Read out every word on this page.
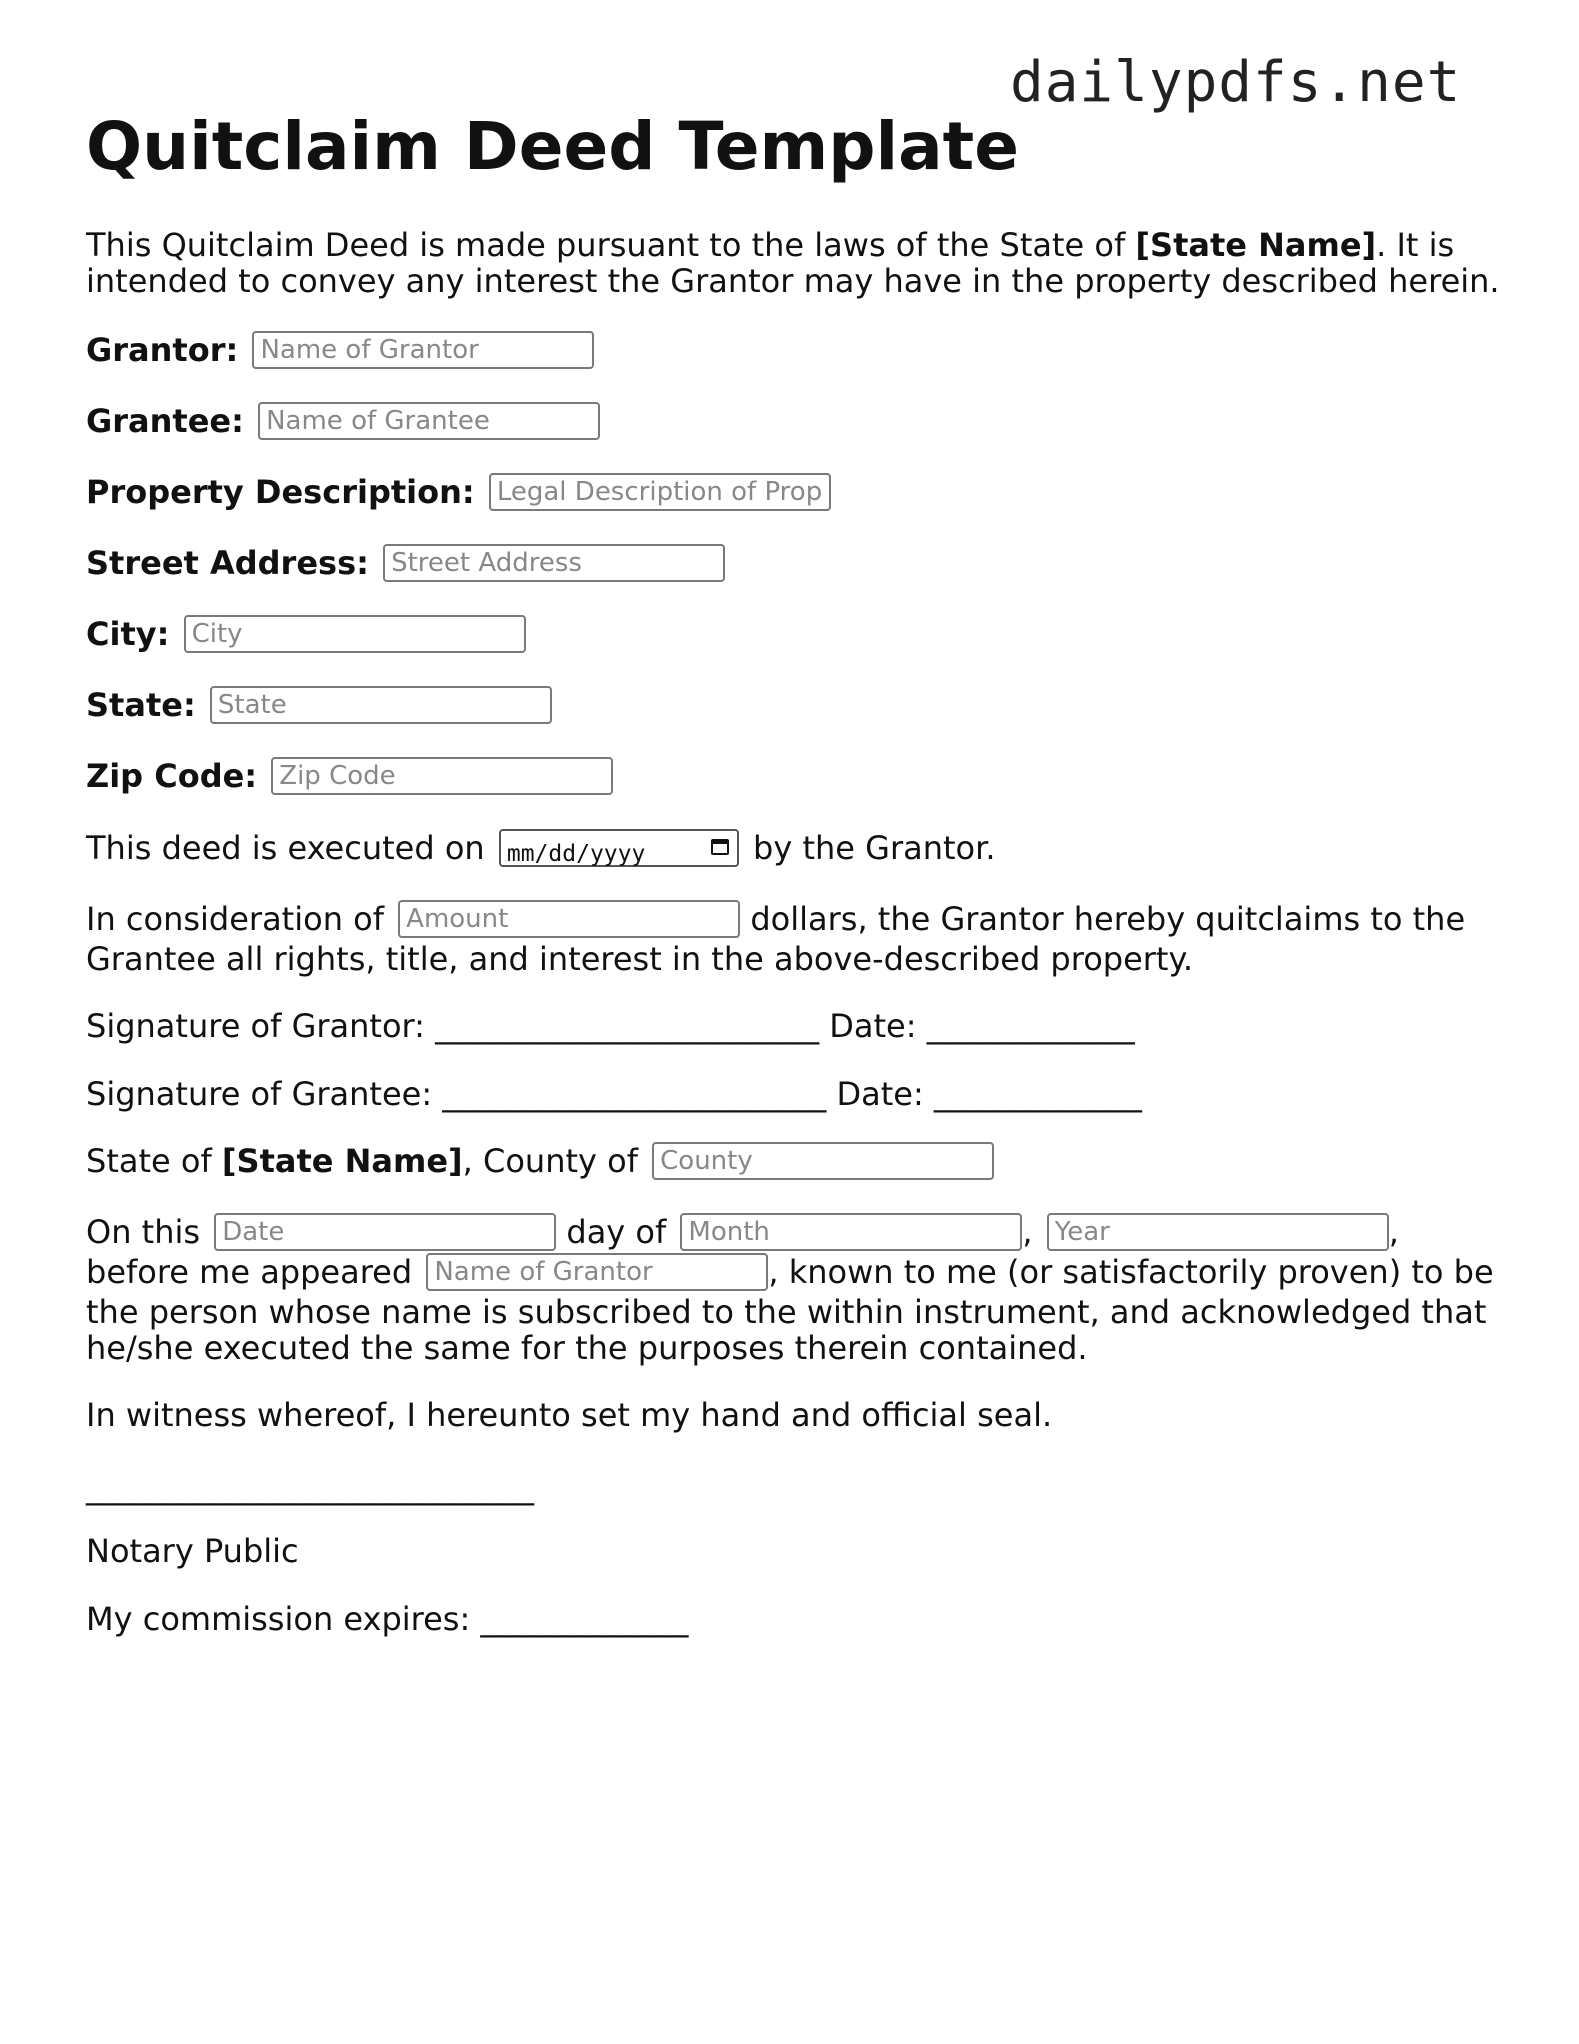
dailypdfs.net
Quitclaim Deed Template

This Quitclaim Deed is made pursuant to the laws of the State of [State Name]. It is

intended to convey any interest the Grantor may have in the property described herein.

Grantor: Name of Grantor

Grantee: Name of Grantee

Property Description: Legal Description of Property

Street Address: Street Address

City: City

State: State

Zip Code: Zip Code

This deed is executed on mm/dd/yyyy	by the Grantor.

In consideration of Amount	dollars, the Grantor hereby quitclaims to the

Grantee all rights, title, and interest in the above-described property.

Signature of Grantor: ________________________ Date: _____________

Signature of Grantee: ________________________ Date: _____________

State of [State Name], County of County

On this Date	day of Month	, Year	,

before me appeared Name of Grantor	, known to me (or satisfactorily proven) to be

the person whose name is subscribed to the within instrument, and acknowledged that

he/she executed the same for the purposes therein contained.

In witness whereof, I hereunto set my hand and official seal.

____________________________

Notary Public

My commission expires: _____________
